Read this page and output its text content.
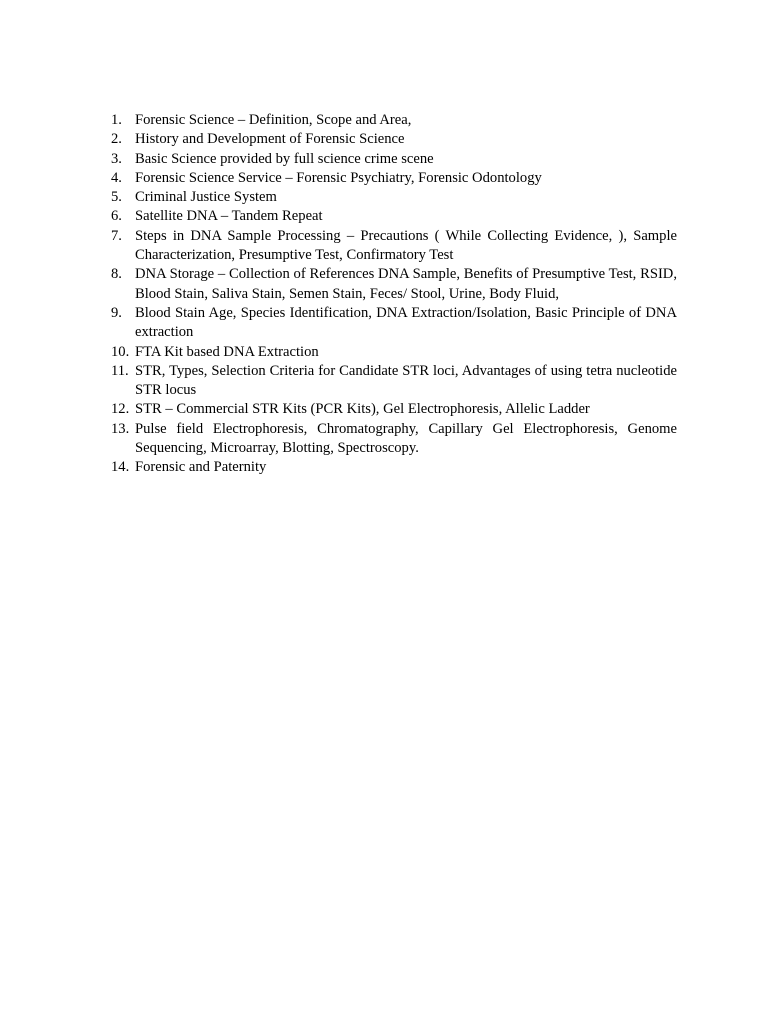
1. Forensic Science – Definition, Scope and Area,
2. History and Development of Forensic Science
3. Basic Science provided by full science crime scene
4. Forensic Science Service – Forensic Psychiatry, Forensic Odontology
5. Criminal Justice System
6. Satellite DNA – Tandem Repeat
7. Steps in DNA Sample Processing – Precautions ( While Collecting Evidence, ), Sample Characterization, Presumptive Test, Confirmatory Test
8. DNA Storage – Collection of References DNA Sample, Benefits of Presumptive Test, RSID, Blood Stain, Saliva Stain, Semen Stain, Feces/ Stool, Urine, Body Fluid,
9. Blood Stain Age, Species Identification, DNA Extraction/Isolation, Basic Principle of DNA extraction
10. FTA Kit based DNA Extraction
11. STR, Types, Selection Criteria for Candidate STR loci, Advantages of using tetra nucleotide STR locus
12. STR – Commercial STR Kits (PCR Kits), Gel Electrophoresis, Allelic Ladder
13. Pulse field Electrophoresis, Chromatography, Capillary Gel Electrophoresis, Genome Sequencing, Microarray, Blotting, Spectroscopy.
14. Forensic and Paternity
